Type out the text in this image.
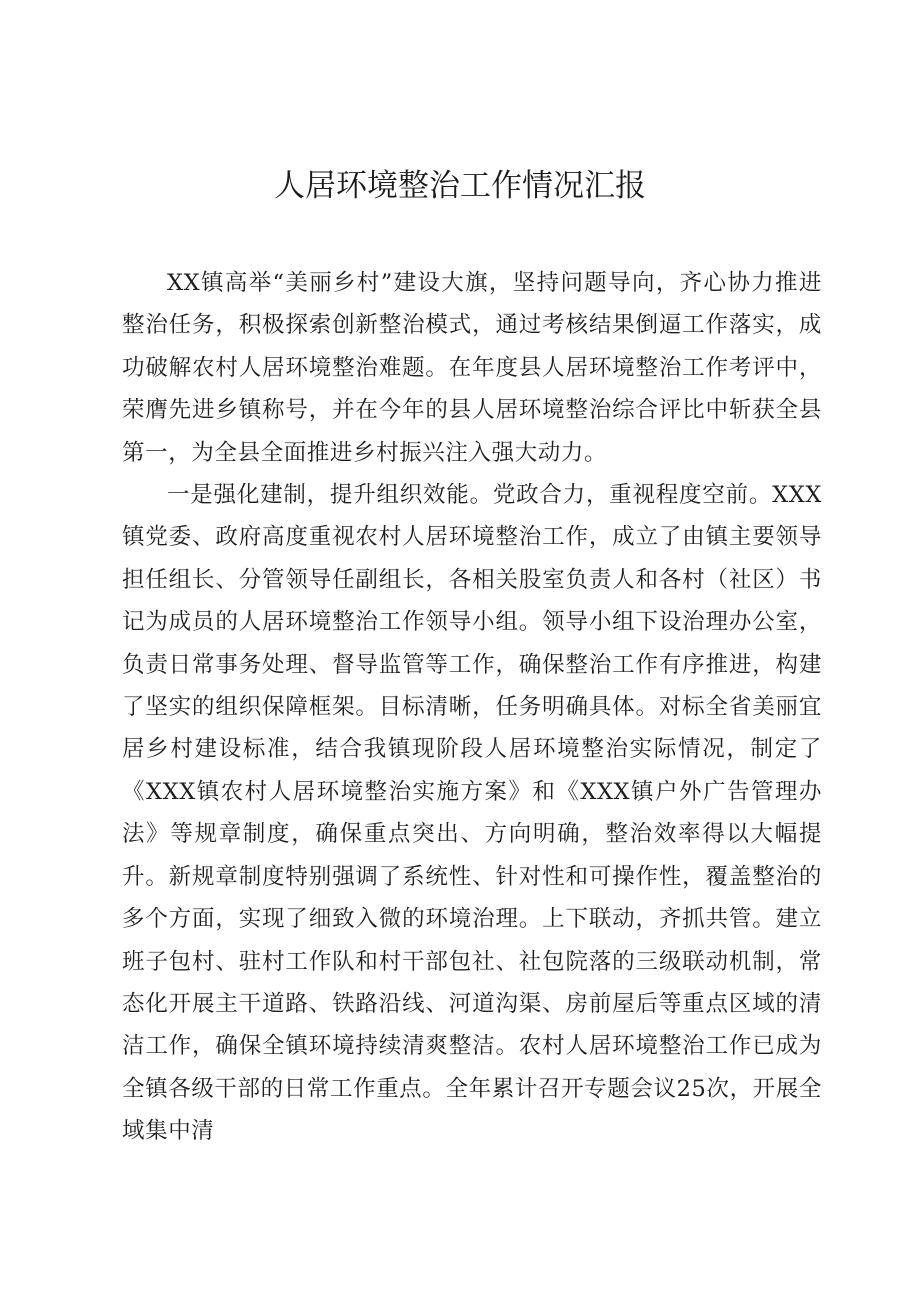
人居环境整治工作情况汇报

XX镇高举“美丽乡村”建设大旗，坚持问题导向，齐心协力推进整治任务，积极探索创新整治模式，通过考核结果倒逼工作落实，成功破解农村人居环境整治难题。在年度县人居环境整治工作考评中，荣膺先进乡镇称号，并在今年的县人居环境整治综合评比中斩获全县第一，为全县全面推进乡村振兴注入强大动力。

一是强化建制，提升组织效能。党政合力，重视程度空前。XXX镇党委、政府高度重视农村人居环境整治工作，成立了由镇主要领导担任组长、分管领导任副组长，各相关股室负责人和各村（社区）书记为成员的人居环境整治工作领导小组。领导小组下设治理办公室，负责日常事务处理、督导监管等工作，确保整治工作有序推进，构建了坚实的组织保障框架。目标清晰，任务明确具体。对标全省美丽宜居乡村建设标准，结合我镇现阶段人居环境整治实际情况，制定了《XXX镇农村人居环境整治实施方案》和《XXX镇户外广告管理办法》等规章制度，确保重点突出、方向明确，整治效率得以大幅提升。新规章制度特别强调了系统性、针对性和可操作性，覆盖整治的多个方面，实现了细致入微的环境治理。上下联动，齐抓共管。建立班子包村、驻村工作队和村干部包社、社包院落的三级联动机制，常态化开展主干道路、铁路沿线、河道沟渠、房前屋后等重点区域的清洁工作，确保全镇环境持续清爽整洁。农村人居环境整治工作已成为全镇各级干部的日常工作重点。全年累计召开专题会议25次，开展全域集中清
